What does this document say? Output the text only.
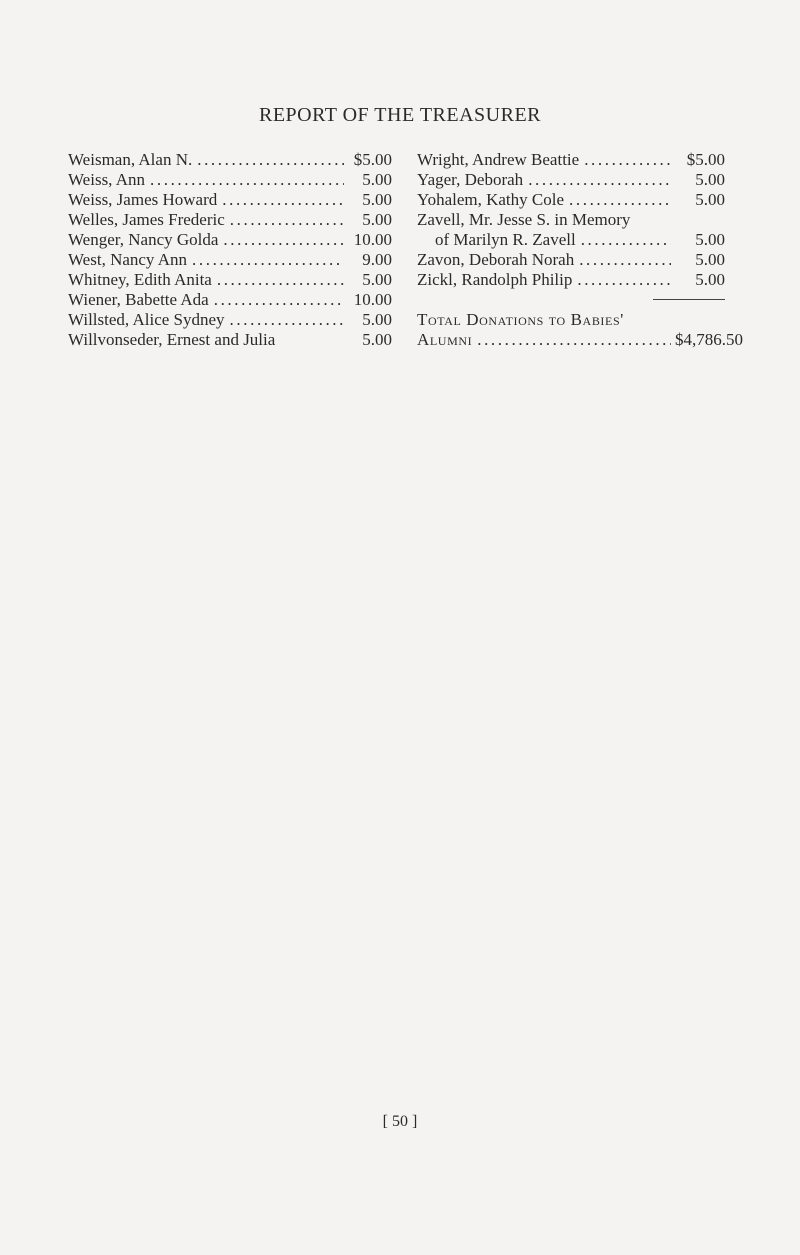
REPORT OF THE TREASURER
Weisman, Alan N. .....	$5.00
Weiss, Ann .....	5.00
Weiss, James Howard .....	5.00
Welles, James Frederic .....	5.00
Wenger, Nancy Golda .....	10.00
West, Nancy Ann .....	9.00
Whitney, Edith Anita .....	5.00
Wiener, Babette Ada .....	10.00
Willsted, Alice Sydney .....	5.00
Willvonseder, Ernest and Julia	5.00
Wright, Andrew Beattie .....	$5.00
Yager, Deborah .....	5.00
Yohalem, Kathy Cole .....	5.00
Zavell, Mr. Jesse S. in Memory
of Marilyn R. Zavell .....	5.00
Zavon, Deborah Norah .....	5.00
Zickl, Randolph Philip .....	5.00
Total Donations to Babies'
Alumni .....	$4,786.50
[ 50 ]
